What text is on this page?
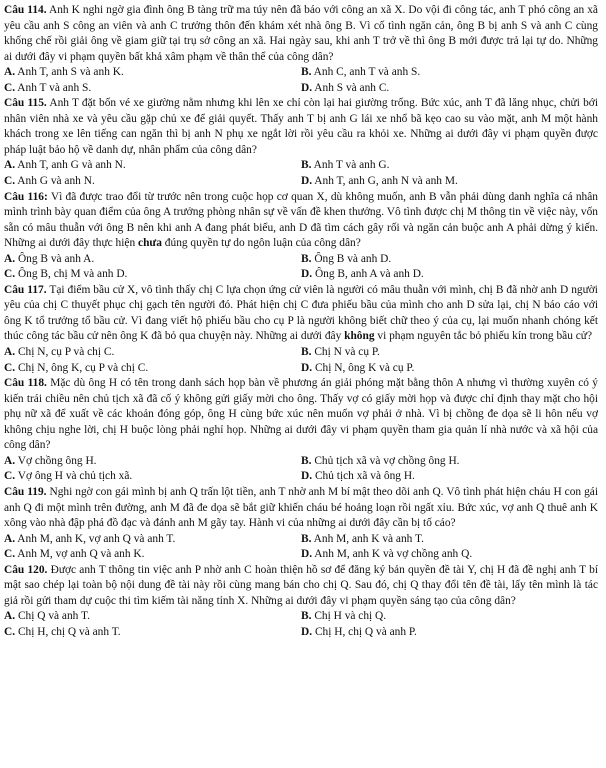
Câu 114. Anh K nghi ngờ gia đình ông B tàng trữ ma túy nên đã báo với công an xã X. Do vội đi công tác, anh T phó công an xã yêu cầu anh S công an viên và anh C trưởng thôn đến khám xét nhà ông B. Vì cố tình ngăn cản, ông B bị anh S và anh C cùng khống chế rồi giải ông về giam giữ tại trụ sở công an xã. Hai ngày sau, khi anh T trở về thì ông B mới được trả lại tự do. Những ai dưới đây vi phạm quyền bất khả xâm phạm về thân thể của công dân?

A. Anh T, anh S và anh K.	B. Anh C, anh T và anh S.
C. Anh T và anh S.	D. Anh S và anh C.

Câu 115. Anh T đặt bốn vé xe giường nằm nhưng khi lên xe chỉ còn lại hai giường trống. Bức xúc, anh T đã lăng nhục, chửi bới nhân viên nhà xe và yêu cầu gặp chủ xe để giải quyết. Thấy anh T bị anh G lái xe nhổ bã kẹo cao su vào mặt, anh M một hành khách trong xe lên tiếng can ngăn thì bị anh N phụ xe ngắt lời rồi yêu cầu ra khỏi xe. Những ai dưới đây vi phạm quyền được pháp luật bảo hộ về danh dự, nhân phẩm của công dân?

A. Anh T, anh G và anh N.	B. Anh T và anh G.
C. Anh G và anh N.	D. Anh T, anh G, anh N và anh M.

Câu 116: Vì đã được trao đổi từ trước nên trong cuộc họp cơ quan X, dù không muốn, anh B vẫn phải dùng danh nghĩa cá nhân mình trình bày quan điểm của ông A trưởng phòng nhân sự về vấn đề khen thưởng. Vô tình được chị M thông tin về việc này, vốn sẵn có mâu thuẫn với ông B nên khi anh A đang phát biểu, anh D đã tìm cách gây rối và ngăn cản buộc anh A phải dừng ý kiến. Những ai dưới đây thực hiện chưa đúng quyền tự do ngôn luận của công dân?

A. Ông B và anh A.	B. Ông B và anh D.
C. Ông B, chị M và anh D.	D. Ông B, anh A và anh D.

Câu 117. Tại điểm bầu cử X, vô tình thấy chị C lựa chọn ứng cử viên là người có mâu thuẫn với mình, chị B đã nhờ anh D người yêu của chị C thuyết phục chị gạch tên người đó. Phát hiện chị C đưa phiếu bầu của mình cho anh D sửa lại, chị N báo cáo với ông K tổ trưởng tổ bầu cử. Vì đang viết hộ phiếu bầu cho cụ P là người không biết chữ theo ý của cụ, lại muốn nhanh chóng kết thúc công tác bầu cử nên ông K đã bỏ qua chuyện này. Những ai dưới đây không vi phạm nguyên tắc bỏ phiếu kín trong bầu cử?

A. Chị N, cụ P và chị C.	B. Chị N và cụ P.
C. Chị N, ông K, cụ P và chị C.	D. Chị N, ông K và cụ P.

Câu 118. Mặc dù ông H có tên trong danh sách họp bàn về phương án giải phóng mặt bằng thôn A nhưng vì thường xuyên có ý kiến trái chiều nên chủ tịch xã đã cố ý không gửi giấy mời cho ông. Thấy vợ có giấy mời họp và được chỉ định thay mặt cho hội phụ nữ xã để xuất về các khoản đóng góp, ông H cùng bức xúc nên muốn vợ phải ở nhà. Vì bị chồng đe dọa sẽ li hôn nếu vợ không chịu nghe lời, chị H buộc lòng phải nghỉ họp. Những ai dưới đây vi phạm quyền tham gia quản lí nhà nước và xã hội của công dân?

A. Vợ chồng ông H.	B. Chủ tịch xã và vợ chồng ông H.
C. Vợ ông H và chủ tịch xã.	D. Chủ tịch xã và ông H.

Câu 119. Nghi ngờ con gái mình bị anh Q trấn lột tiền, anh T nhờ anh M bí mật theo dõi anh Q. Vô tình phát hiện cháu H con gái anh Q đi một mình trên đường, anh M đã đe dọa sẽ bắt giữ khiến cháu bé hoảng loạn rồi ngất xỉu. Bức xúc, vợ anh Q thuê anh K xông vào nhà đập phá đồ đạc và đánh anh M gãy tay. Hành vi của những ai dưới đây cần bị tố cáo?

A. Anh M, anh K, vợ anh Q và anh T.	B. Anh M, anh K và anh T.
C. Anh M, vợ anh Q và anh K.	D. Anh M, anh K và vợ chồng anh Q.

Câu 120. Được anh T thông tin việc anh P nhờ anh C hoàn thiện hồ sơ để đăng ký bản quyền đề tài Y, chị H đã đề nghị anh T bí mật sao chép lại toàn bộ nội dung đề tài này rồi cùng mang bán cho chị Q. Sau đó, chị Q thay đổi tên đề tài, lấy tên mình là tác giả rồi gửi tham dự cuộc thi tìm kiếm tài năng tỉnh X. Những ai dưới đây vi phạm quyền sáng tạo của công dân?

A. Chị Q và anh T.	B. Chị H và chị Q.
C. Chị H, chị Q và anh T.	D. Chị H, chị Q và anh P.
